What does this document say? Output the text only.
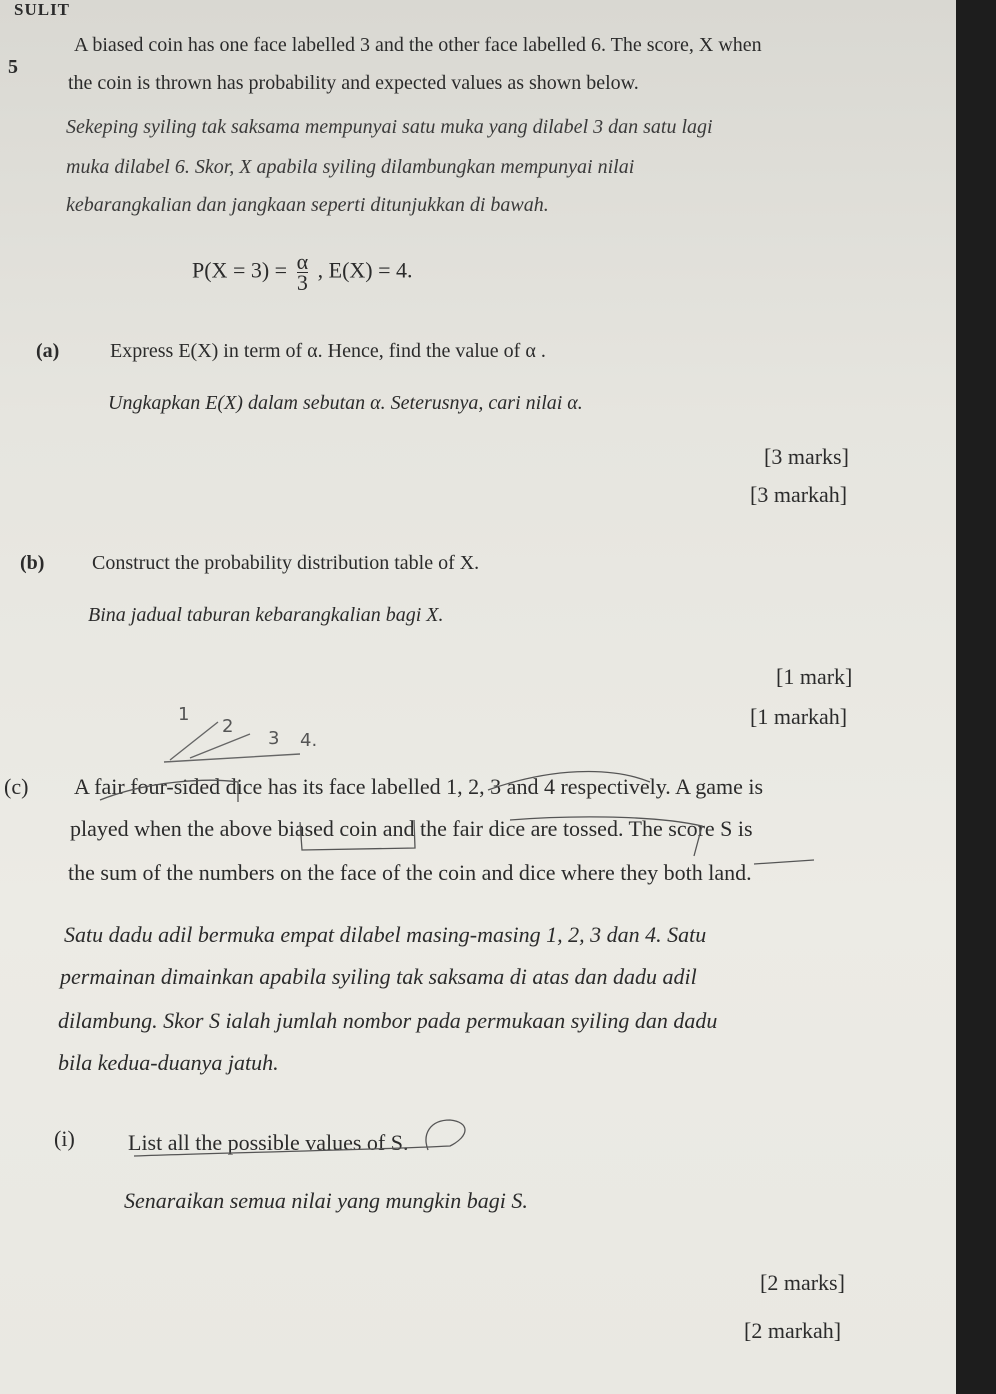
SULIT
5
A biased coin has one face labelled 3 and the other face labelled 6. The score, X when
the coin is thrown has probability and expected values as shown below.
Sekeping syiling tak saksama mempunyai satu muka yang dilabel 3 dan satu lagi
muka dilabel 6. Skor, X apabila syiling dilambungkan mempunyai nilai
kebarangkalian dan jangkaan seperti ditunjukkan di bawah.
$P(X = 3) = \frac{\alpha}{3}$ , E(X) = 4.
(a)	Express E(X) in term of α. Hence, find the value of α .
Ungkapkan E(X) dalam sebutan α. Seterusnya, cari nilai α.
[3 marks]
[3 markah]
(b) Construct the probability distribution table of X.
Bina jadual taburan kebarangkalian bagi X.
[1 mark]
[1 markah]
1
2
3 4.
(c) A fair four-sided dice has its face labelled 1, 2, 3 and 4 respectively. A game is
played when the above biased coin and the fair dice are tossed. The score S is
the sum of the numbers on the face of the coin and dice where they both land.
Satu dadu adil bermuka empat dilabel masing-masing 1, 2, 3 dan 4. Satu
permainan dimainkan apabila syiling tak saksama di atas dan dadu adil
dilambung. Skor S ialah jumlah nombor pada permukaan syiling dan dadu
bila kedua-duanya jatuh.
(i) List all the possible values of S.
Senaraikan semua nilai yang mungkin bagi S.
[2 marks]
[2 markah]
